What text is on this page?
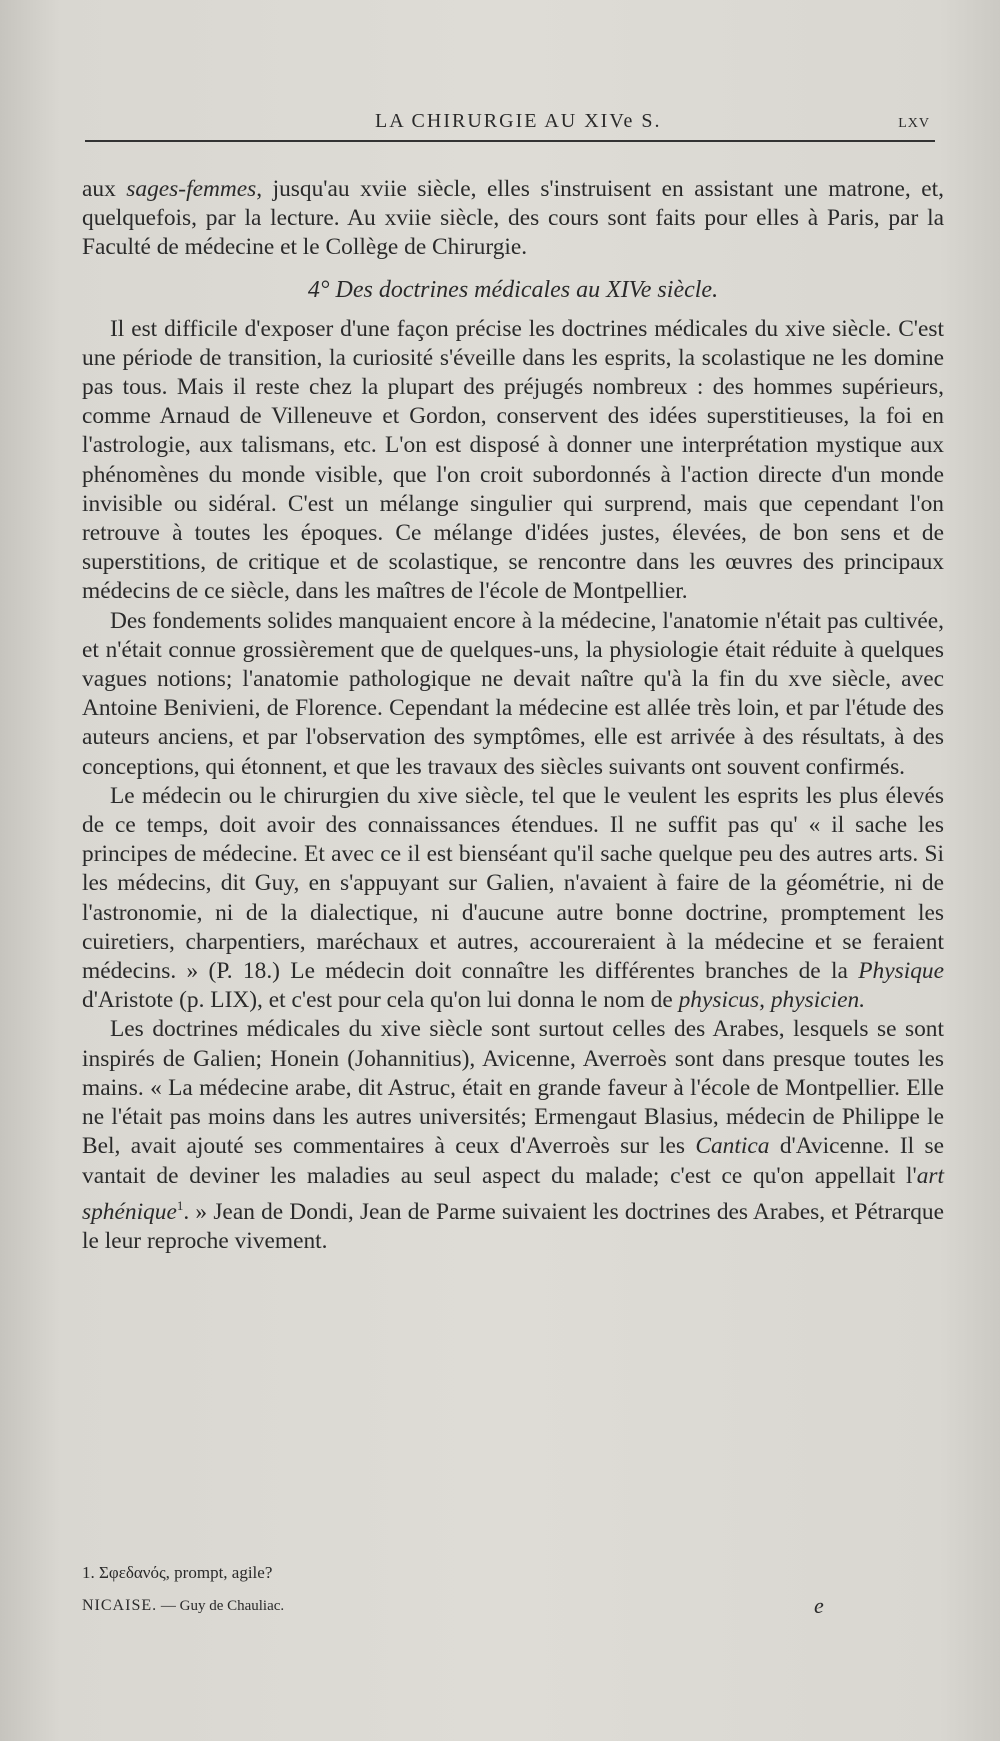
LA CHIRURGIE AU XIVe S.	LXV

aux sages-femmes, jusqu'au xviie siècle, elles s'instruisent en assistant une matrone, et, quelquefois, par la lecture. Au xviie siècle, des cours sont faits pour elles à Paris, par la Faculté de médecine et le Collège de Chirurgie.

4° Des doctrines médicales au XIVe siècle.

Il est difficile d'exposer d'une façon précise les doctrines médicales du xive siècle. C'est une période de transition, la curiosité s'éveille dans les esprits, la scolastique ne les domine pas tous. Mais il reste chez la plupart des préjugés nombreux : des hommes supérieurs, comme Arnaud de Villeneuve et Gordon, conservent des idées superstitieuses, la foi en l'astrologie, aux talismans, etc. L'on est disposé à donner une interprétation mystique aux phénomènes du monde visible, que l'on croit subordonnés à l'action directe d'un monde invisible ou sidéral. C'est un mélange singulier qui surprend, mais que cependant l'on retrouve à toutes les époques. Ce mélange d'idées justes, élevées, de bon sens et de superstitions, de critique et de scolastique, se rencontre dans les œuvres des principaux médecins de ce siècle, dans les maîtres de l'école de Montpellier.

Des fondements solides manquaient encore à la médecine, l'anatomie n'était pas cultivée, et n'était connue grossièrement que de quelques-uns, la physiologie était réduite à quelques vagues notions; l'anatomie pathologique ne devait naître qu'à la fin du xve siècle, avec Antoine Benivieni, de Florence. Cependant la médecine est allée très loin, et par l'étude des auteurs anciens, et par l'observation des symptômes, elle est arrivée à des résultats, à des conceptions, qui étonnent, et que les travaux des siècles suivants ont souvent confirmés.

Le médecin ou le chirurgien du xive siècle, tel que le veulent les esprits les plus élevés de ce temps, doit avoir des connaissances étendues. Il ne suffit pas qu' « il sache les principes de médecine. Et avec ce il est bienséant qu'il sache quelque peu des autres arts. Si les médecins, dit Guy, en s'appuyant sur Galien, n'avaient à faire de la géométrie, ni de l'astronomie, ni de la dialectique, ni d'aucune autre bonne doctrine, promptement les cuiretiers, charpentiers, maréchaux et autres, accoureraient à la médecine et se feraient médecins. » (P. 18.) Le médecin doit connaître les différentes branches de la Physique d'Aristote (p. LIX), et c'est pour cela qu'on lui donna le nom de physicus, physicien.

Les doctrines médicales du xive siècle sont surtout celles des Arabes, lesquels se sont inspirés de Galien; Honein (Johannitius), Avicenne, Averroès sont dans presque toutes les mains. « La médecine arabe, dit Astruc, était en grande faveur à l'école de Montpellier. Elle ne l'était pas moins dans les autres universités; Ermengaut Blasius, médecin de Philippe le Bel, avait ajouté ses commentaires à ceux d'Averroès sur les Cantica d'Avicenne. Il se vantait de deviner les maladies au seul aspect du malade; c'est ce qu'on appellait l'art sphénique$^1$. » Jean de Dondi, Jean de Parme suivaient les doctrines des Arabes, et Pétrarque le leur reproche vivement.

1. Σφεδανός, prompt, agile?
NICAISE. — Guy de Chauliac.	e
